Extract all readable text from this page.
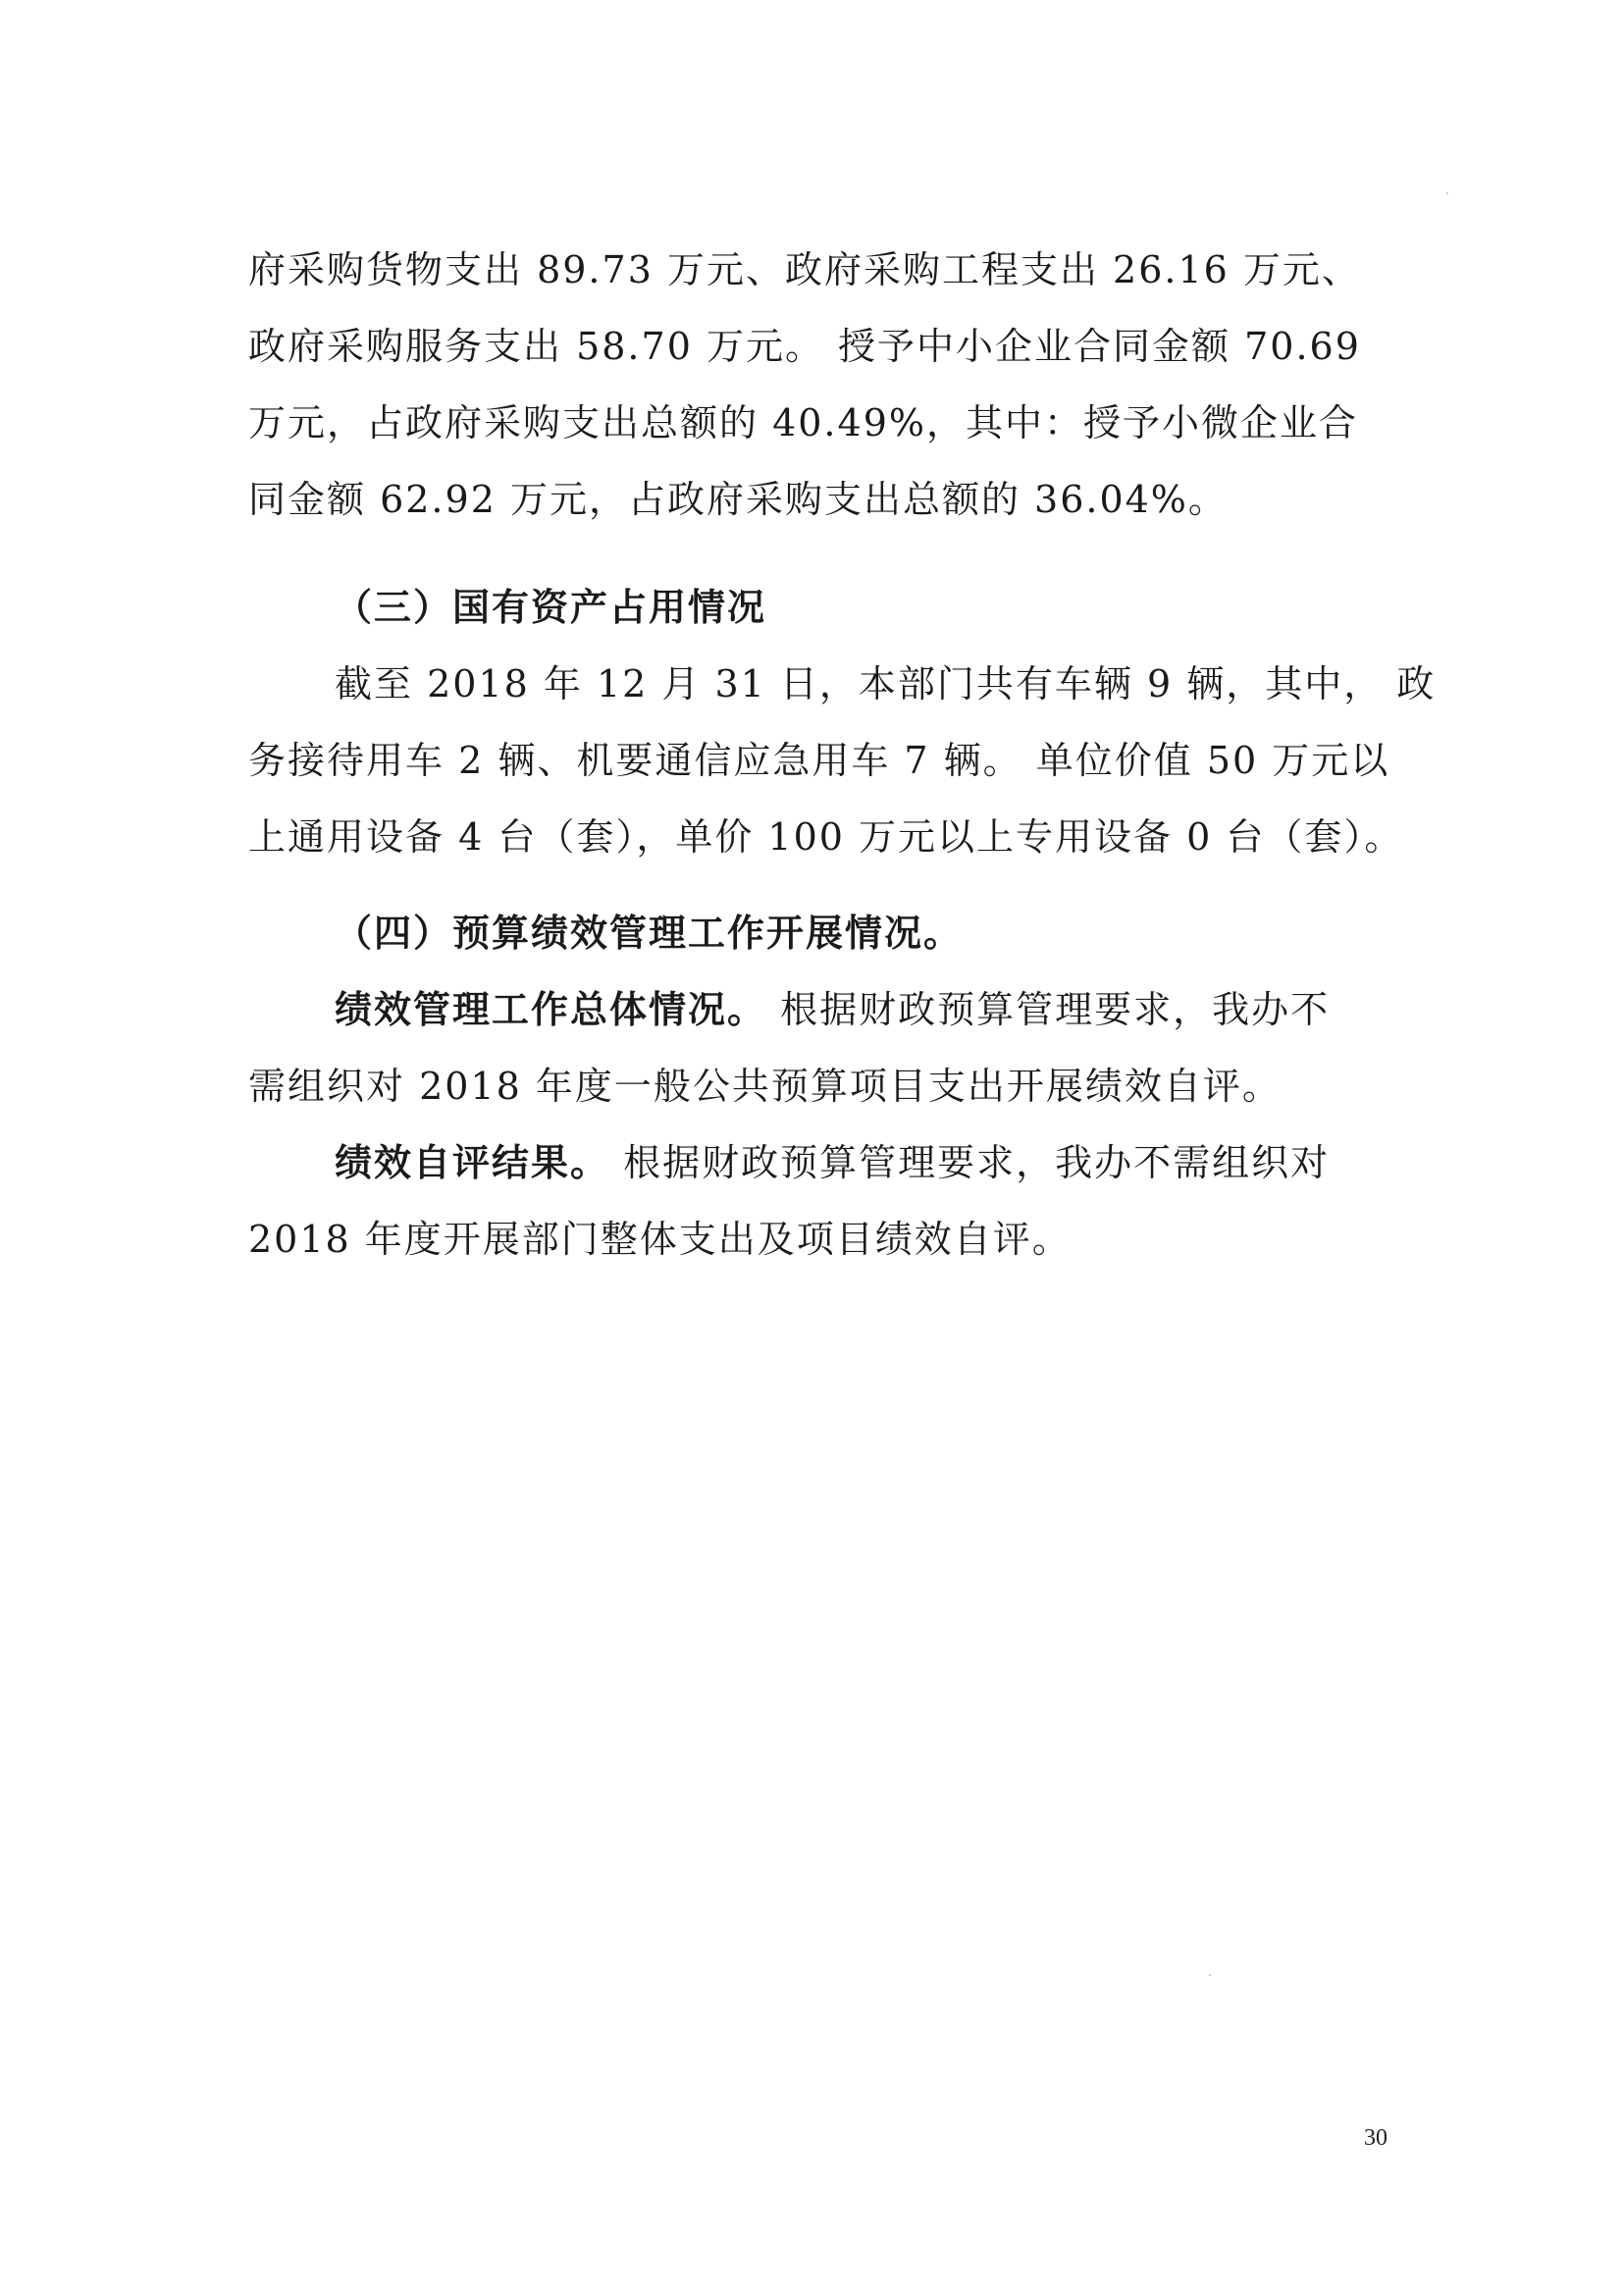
府采购货物支出 89.73 万元、政府采购工程支出 26.16 万元、
政府采购服务支出 58.70 万元。 授予中小企业合同金额 70.69
万元，占政府采购支出总额的 40.49%，其中：授予小微企业合
同金额 62.92 万元，占政府采购支出总额的 36.04%。
（三）国有资产占用情况
截至 2018 年 12 月 31 日，本部门共有车辆 9 辆，其中， 政
务接待用车 2 辆、机要通信应急用车 7 辆。 单位价值 50 万元以
上通用设备 4 台（套），单价 100 万元以上专用设备 0 台（套）。
（四）预算绩效管理工作开展情况。
绩效管理工作总体情况。 根据财政预算管理要求，我办不
需组织对 2018 年度一般公共预算项目支出开展绩效自评。
绩效自评结果。 根据财政预算管理要求，我办不需组织对
2018 年度开展部门整体支出及项目绩效自评。
30
